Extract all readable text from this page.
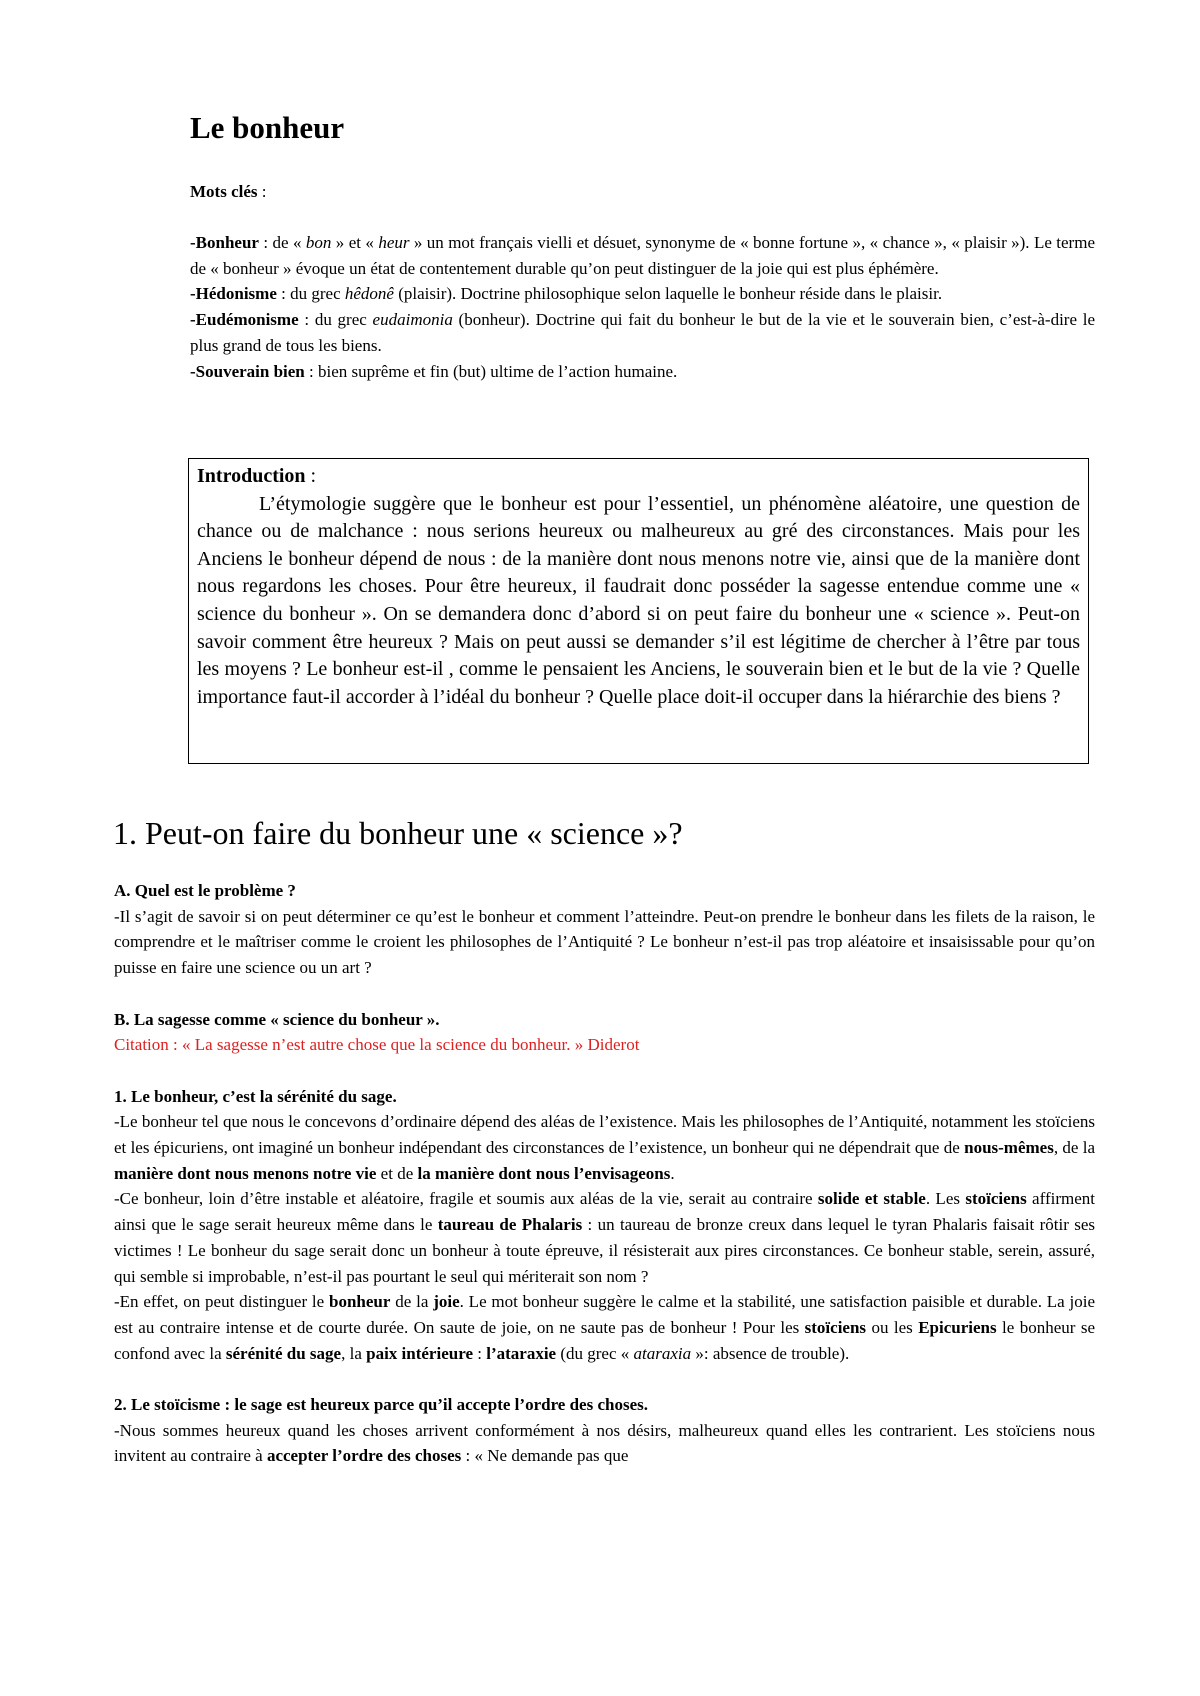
Le bonheur
Mots clés :

-Bonheur : de « bon » et « heur » un mot français vielli et désuet, synonyme de « bonne fortune », « chance », « plaisir »). Le terme de « bonheur » évoque un état de contentement durable qu’on peut distinguer de la joie qui est plus éphémère.

-Hédonisme : du grec hêdonê (plaisir). Doctrine philosophique selon laquelle le bonheur réside dans le plaisir.

-Eudémonisme : du grec eudaimonia (bonheur). Doctrine qui fait du bonheur le but de la vie et le souverain bien, c’est-à-dire le plus grand de tous les biens.

-Souverain bien : bien suprême et fin (but) ultime de l’action humaine.

Introduction :

L’étymologie suggère que le bonheur est pour l’essentiel, un phénomène aléatoire, une question de chance ou de malchance : nous serions heureux ou malheureux au gré des circonstances. Mais pour les Anciens le bonheur dépend de nous : de la manière dont nous menons notre vie, ainsi que de la manière dont nous regardons les choses. Pour être heureux, il faudrait donc posséder la sagesse entendue comme une « science du bonheur ». On se demandera donc d’abord si on peut faire du bonheur une « science ». Peut-on savoir comment être heureux ? Mais on peut aussi se demander s’il est légitime de chercher à l’être par tous les moyens ? Le bonheur est-il , comme le pensaient les Anciens, le souverain bien et le but de la vie ? Quelle importance faut-il accorder à l’idéal du bonheur ? Quelle place doit-il occuper dans la hiérarchie des biens ?

1. Peut-on faire du bonheur une « science »?

A. Quel est le problème ?

-Il s’agit de savoir si on peut déterminer ce qu’est le bonheur et comment l’atteindre. Peut-on prendre le bonheur dans les filets de la raison, le comprendre et le maîtriser comme le croient les philosophes de l’Antiquité ? Le bonheur n’est-il pas trop aléatoire et insaisissable pour qu’on puisse en faire une science ou un art ?

B. La sagesse comme « science du bonheur ».

Citation : « La sagesse n’est autre chose que la science du bonheur. » Diderot

1. Le bonheur, c’est la sérénité du sage.

-Le bonheur tel que nous le concevons d’ordinaire dépend des aléas de l’existence. Mais les philosophes de l’Antiquité, notamment les stoïciens et les épicuriens, ont imaginé un bonheur indépendant des circonstances de l’existence, un bonheur qui ne dépendrait que de nous-mêmes, de la manière dont nous menons notre vie et de la manière dont nous l’envisageons.

-Ce bonheur, loin d’être instable et aléatoire, fragile et soumis aux aléas de la vie, serait au contraire solide et stable. Les stoïciens affirment ainsi que le sage serait heureux même dans le taureau de Phalaris : un taureau de bronze creux dans lequel le tyran Phalaris faisait rôtir ses victimes ! Le bonheur du sage serait donc un bonheur à toute épreuve, il résisterait aux pires circonstances. Ce bonheur stable, serein, assuré, qui semble si improbable, n’est-il pas pourtant le seul qui mériterait son nom ?

-En effet, on peut distinguer le bonheur de la joie. Le mot bonheur suggère le calme et la stabilité, une satisfaction paisible et durable. La joie est au contraire intense et de courte durée. On saute de joie, on ne saute pas de bonheur ! Pour les stoïciens ou les Epicuriens le bonheur se confond avec la sérénité du sage, la paix intérieure : l’ataraxie (du grec « ataraxia »: absence de trouble).

2. Le stoïcisme : le sage est heureux parce qu’il accepte l’ordre des choses.

-Nous sommes heureux quand les choses arrivent conformément à nos désirs, malheureux quand elles les contrarient. Les stoïciens nous invitent au contraire à accepter l’ordre des choses : « Ne demande pas que
